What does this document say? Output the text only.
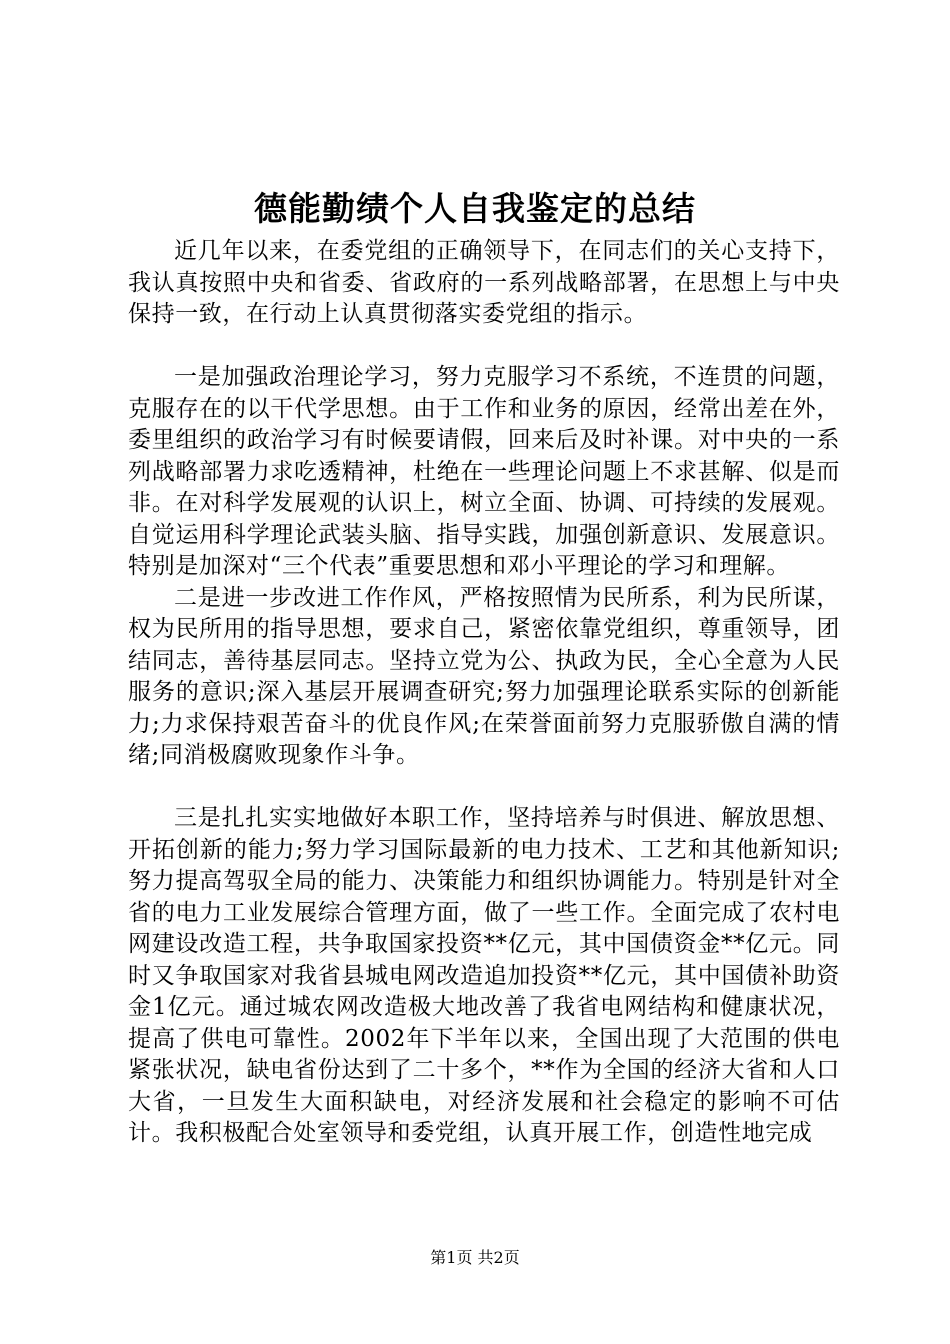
德能勤绩个人自我鉴定的总结

近几年以来，在委党组的正确领导下，在同志们的关心支持下，我认真按照中央和省委、省政府的一系列战略部署，在思想上与中央保持一致，在行动上认真贯彻落实委党组的指示。

一是加强政治理论学习，努力克服学习不系统，不连贯的问题，克服存在的以干代学思想。由于工作和业务的原因，经常出差在外，委里组织的政治学习有时候要请假，回来后及时补课。对中央的一系列战略部署力求吃透精神，杜绝在一些理论问题上不求甚解、似是而非。在对科学发展观的认识上，树立全面、协调、可持续的发展观。自觉运用科学理论武装头脑、指导实践，加强创新意识、发展意识。特别是加深对“三个代表”重要思想和邓小平理论的学习和理解。

二是进一步改进工作作风，严格按照情为民所系，利为民所谋，权为民所用的指导思想，要求自己，紧密依靠党组织，尊重领导，团结同志，善待基层同志。坚持立党为公、执政为民，全心全意为人民服务的意识;深入基层开展调查研究;努力加强理论联系实际的创新能力;力求保持艰苦奋斗的优良作风;在荣誉面前努力克服骄傲自满的情绪;同消极腐败现象作斗争。

三是扎扎实实地做好本职工作，坚持培养与时俱进、解放思想、开拓创新的能力;努力学习国际最新的电力技术、工艺和其他新知识;努力提高驾驭全局的能力、决策能力和组织协调能力。特别是针对全省的电力工业发展综合管理方面，做了一些工作。全面完成了农村电网建设改造工程，共争取国家投资**亿元，其中国债资金**亿元。同时又争取国家对我省县城电网改造追加投资**亿元，其中国债补助资金1亿元。通过城农网改造极大地改善了我省电网结构和健康状况，提高了供电可靠性。2002年下半年以来，全国出现了大范围的供电紧张状况，缺电省份达到了二十多个，**作为全国的经济大省和人口大省，一旦发生大面积缺电，对经济发展和社会稳定的影响不可估计。我积极配合处室领导和委党组，认真开展工作，创造性地完成

第1页 共2页
